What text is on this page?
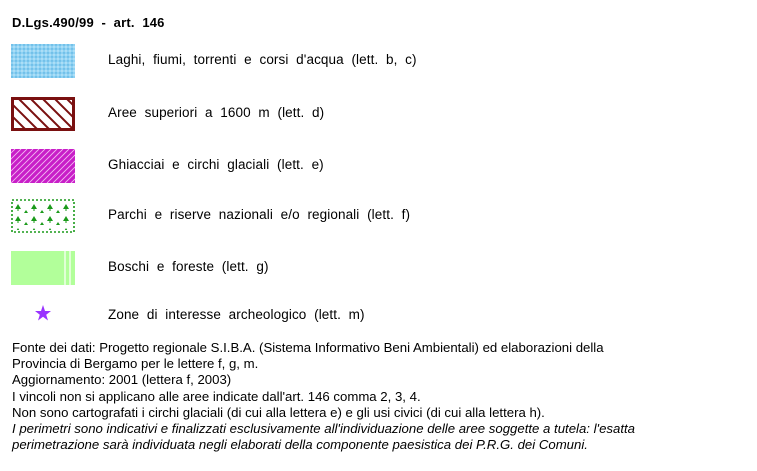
D.Lgs.490/99  -  art.  146
Laghi,  fiumi,  torrenti  e  corsi  d'acqua  (lett.  b,  c)
Aree  superiori  a  1600  m  (lett.  d)
Ghiacciai  e  circhi  glaciali  (lett.  e)
Parchi  e  riserve  nazionali  e/o  regionali  (lett.  f)
Boschi  e  foreste  (lett.  g)
Zone  di  interesse  archeologico  (lett.  m)
Fonte dei dati: Progetto regionale S.I.B.A. (Sistema Informativo Beni Ambientali) ed elaborazioni della
Provincia di Bergamo per le lettere f, g, m.
Aggiornamento: 2001 (lettera f, 2003)
I vincoli non si applicano alle aree indicate dall'art. 146 comma 2, 3, 4.
Non sono cartografati i circhi glaciali (di cui alla lettera e) e gli usi civici (di cui alla lettera h).
I perimetri sono indicativi e finalizzati esclusivamente all'individuazione delle aree soggette a tutela: l'esatta
perimetrazione sarà individuata negli elaborati della componente paesistica dei P.R.G. dei Comuni.
